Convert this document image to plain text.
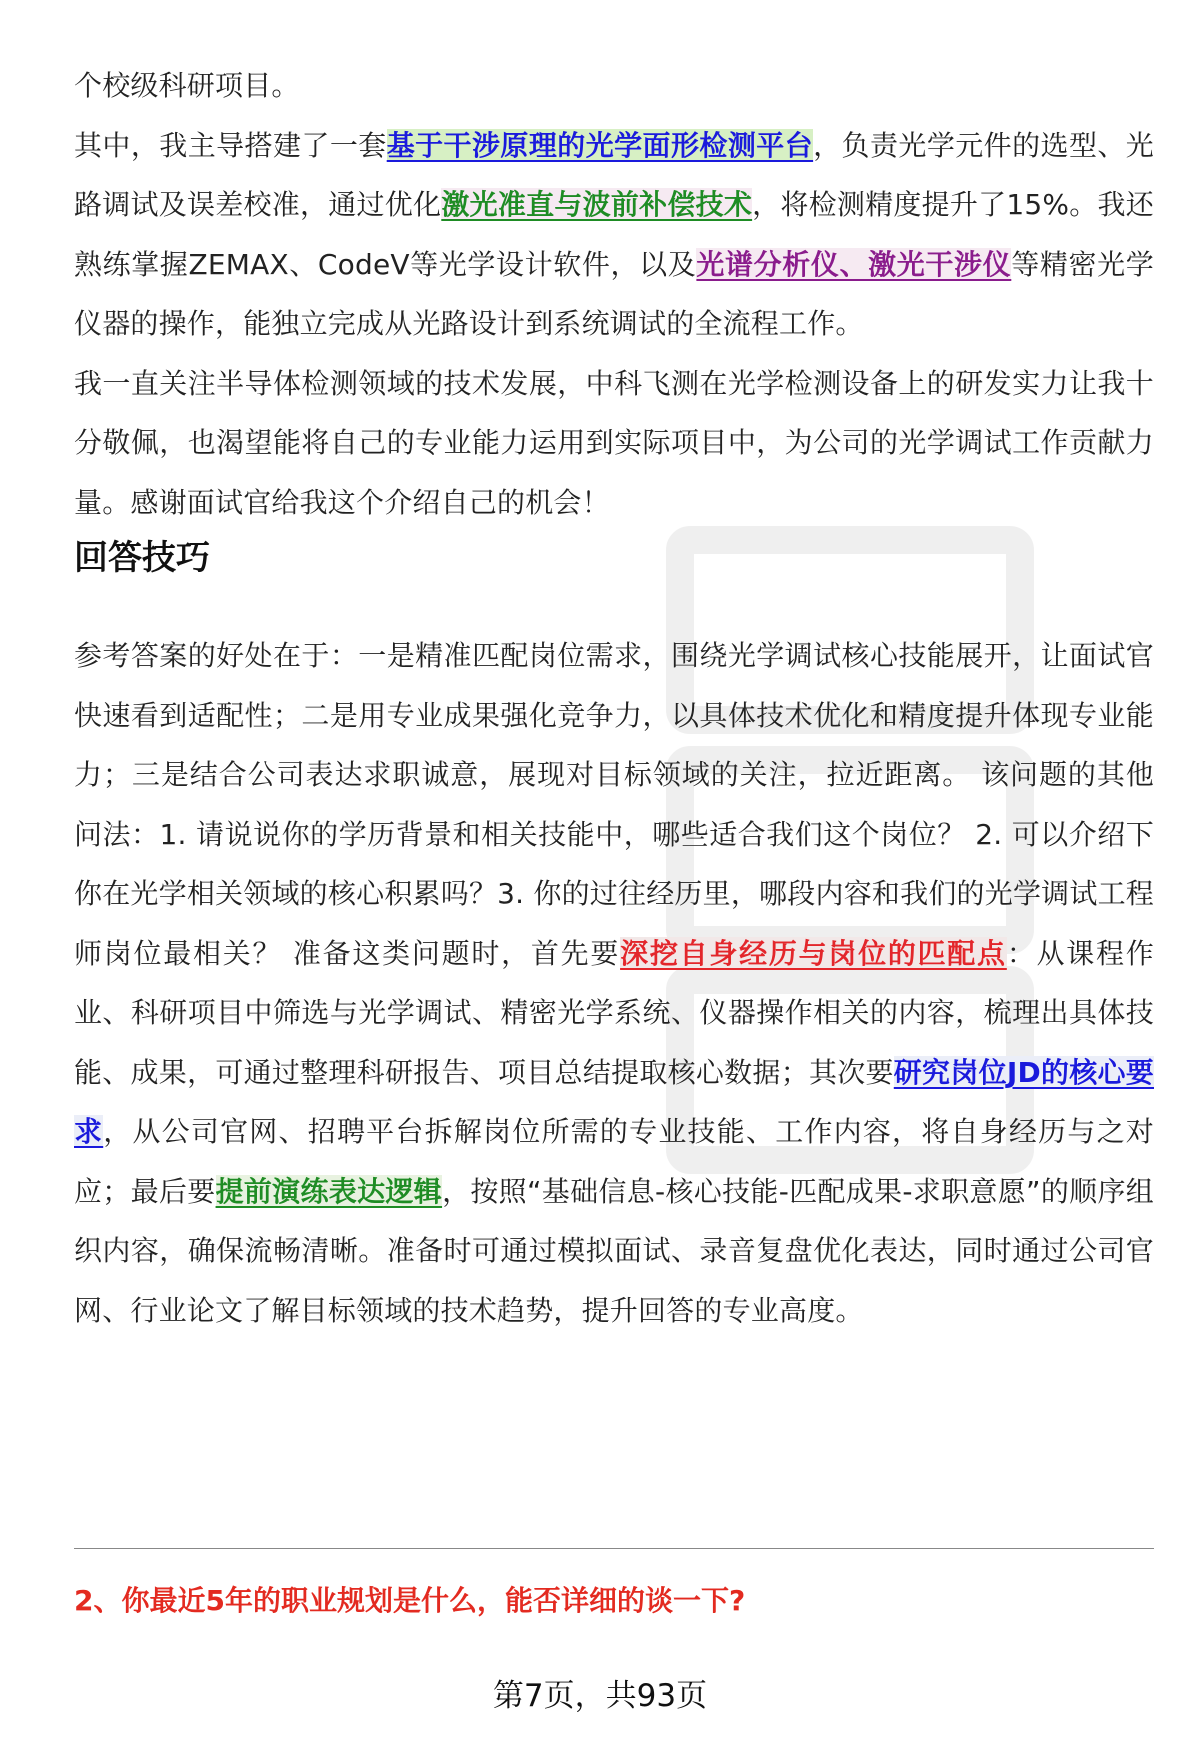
个校级科研项目。

其中，我主导搭建了一套基于干涉原理的光学面形检测平台，负责光学元件的选型、光路调试及误差校准，通过优化激光准直与波前补偿技术，将检测精度提升了15%。我还熟练掌握ZEMAX、CodeV等光学设计软件，以及光谱分析仪、激光干涉仪等精密光学仪器的操作，能独立完成从光路设计到系统调试的全流程工作。

我一直关注半导体检测领域的技术发展，中科飞测在光学检测设备上的研发实力让我十分敬佩，也渴望能将自己的专业能力运用到实际项目中，为公司的光学调试工作贡献力量。感谢面试官给我这个介绍自己的机会！

回答技巧

参考答案的好处在于：一是精准匹配岗位需求，围绕光学调试核心技能展开，让面试官快速看到适配性；二是用专业成果强化竞争力，以具体技术优化和精度提升体现专业能力；三是结合公司表达求职诚意，展现对目标领域的关注，拉近距离。 该问题的其他问法：1. 请说说你的学历背景和相关技能中，哪些适合我们这个岗位？ 2. 可以介绍下你在光学相关领域的核心积累吗？3. 你的过往经历里，哪段内容和我们的光学调试工程师岗位最相关？ 准备这类问题时，首先要深挖自身经历与岗位的匹配点：从课程作业、科研项目中筛选与光学调试、精密光学系统、仪器操作相关的内容，梳理出具体技能、成果，可通过整理科研报告、项目总结提取核心数据；其次要研究岗位JD的核心要求，从公司官网、招聘平台拆解岗位所需的专业技能、工作内容，将自身经历与之对应；最后要提前演练表达逻辑，按照“基础信息-核心技能-匹配成果-求职意愿”的顺序组织内容，确保流畅清晰。准备时可通过模拟面试、录音复盘优化表达，同时通过公司官网、行业论文了解目标领域的技术趋势，提升回答的专业高度。

2、你最近5年的职业规划是什么，能否详细的谈一下?
第7页，共93页
